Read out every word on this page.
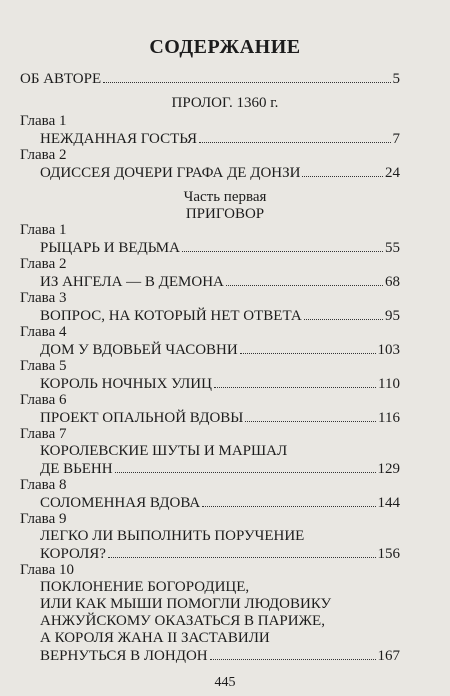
СОДЕРЖАНИЕ
ОБ АВТОРЕ	5
ПРОЛОГ. 1360 г.
Глава 1
НЕЖДАННАЯ ГОСТЬЯ	7
Глава 2
ОДИССЕЯ ДОЧЕРИ ГРАФА ДЕ ДОНЗИ	24
Часть первая
ПРИГОВОР
Глава 1
РЫЦАРЬ И ВЕДЬМА	55
Глава 2
ИЗ АНГЕЛА — В ДЕМОНА	68
Глава 3
ВОПРОС, НА КОТОРЫЙ НЕТ ОТВЕТА	95
Глава 4
ДОМ У ВДОВЬЕЙ ЧАСОВНИ	103
Глава 5
КОРОЛЬ НОЧНЫХ УЛИЦ	110
Глава 6
ПРОЕКТ ОПАЛЬНОЙ ВДОВЫ	116
Глава 7
КОРОЛЕВСКИЕ ШУТЫ И МАРШАЛ
ДЕ ВЬЕНН	129
Глава 8
СОЛОМЕННАЯ ВДОВА	144
Глава 9
ЛЕГКО ЛИ ВЫПОЛНИТЬ ПОРУЧЕНИЕ
КОРОЛЯ?	156
Глава 10
ПОКЛОНЕНИЕ БОГОРОДИЦЕ,
ИЛИ КАК МЫШИ ПОМОГЛИ ЛЮДОВИКУ
АНЖУЙСКОМУ ОКАЗАТЬСЯ В ПАРИЖЕ,
А КОРОЛЯ ЖАНА II ЗАСТАВИЛИ
ВЕРНУТЬСЯ В ЛОНДОН	167
445
